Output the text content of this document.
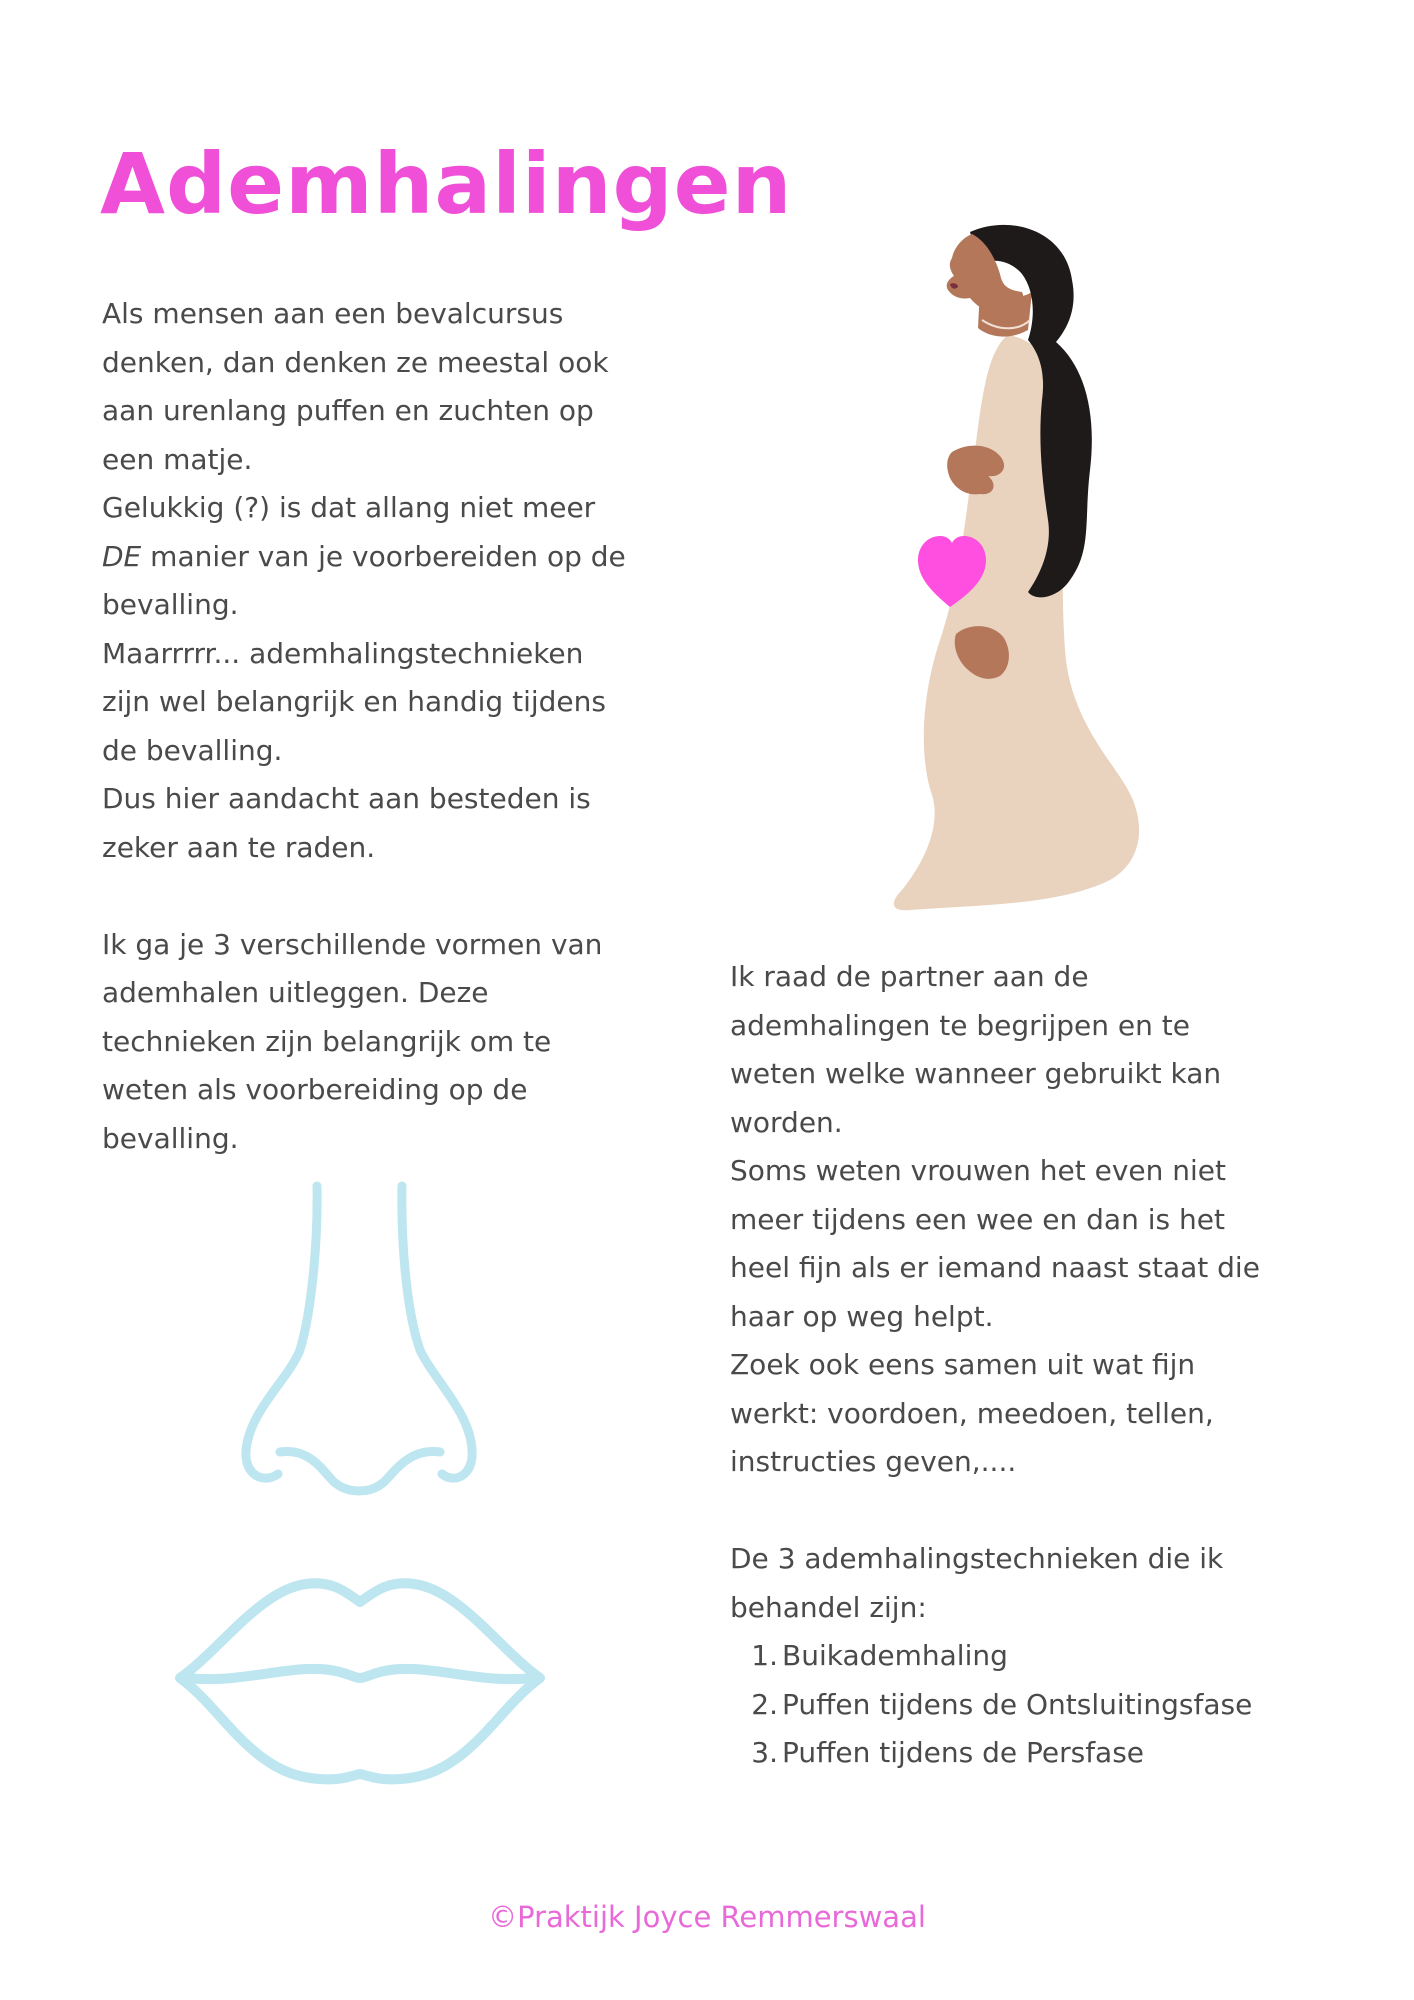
Ademhalingen

Als mensen aan een bevalcursus

denken, dan denken ze meestal ook

aan urenlang puffen en zuchten op

een matje.

Gelukkig (?) is dat allang niet meer

DE manier van je voorbereiden op de

bevalling.

Maarrrrr... ademhalingstechnieken

zijn wel belangrijk en handig tijdens

de bevalling.

Dus hier aandacht aan besteden is

zeker aan te raden.

Ik ga je 3 verschillende vormen van

ademhalen uitleggen. Deze

technieken zijn belangrijk om te

weten als voorbereiding op de

bevalling.

Ik raad de partner aan de

ademhalingen te begrijpen en te

weten welke wanneer gebruikt kan

worden.

Soms weten vrouwen het even niet

meer tijdens een wee en dan is het

heel fijn als er iemand naast staat die

haar op weg helpt.

Zoek ook eens samen uit wat fijn

werkt: voordoen, meedoen, tellen,

instructies geven,....

De 3 ademhalingstechnieken die ik

behandel zijn:

1. Buikademhaling
2. Puffen tijdens de Ontsluitingsfase
3. Puffen tijdens de Persfase
©Praktijk Joyce Remmerswaal
